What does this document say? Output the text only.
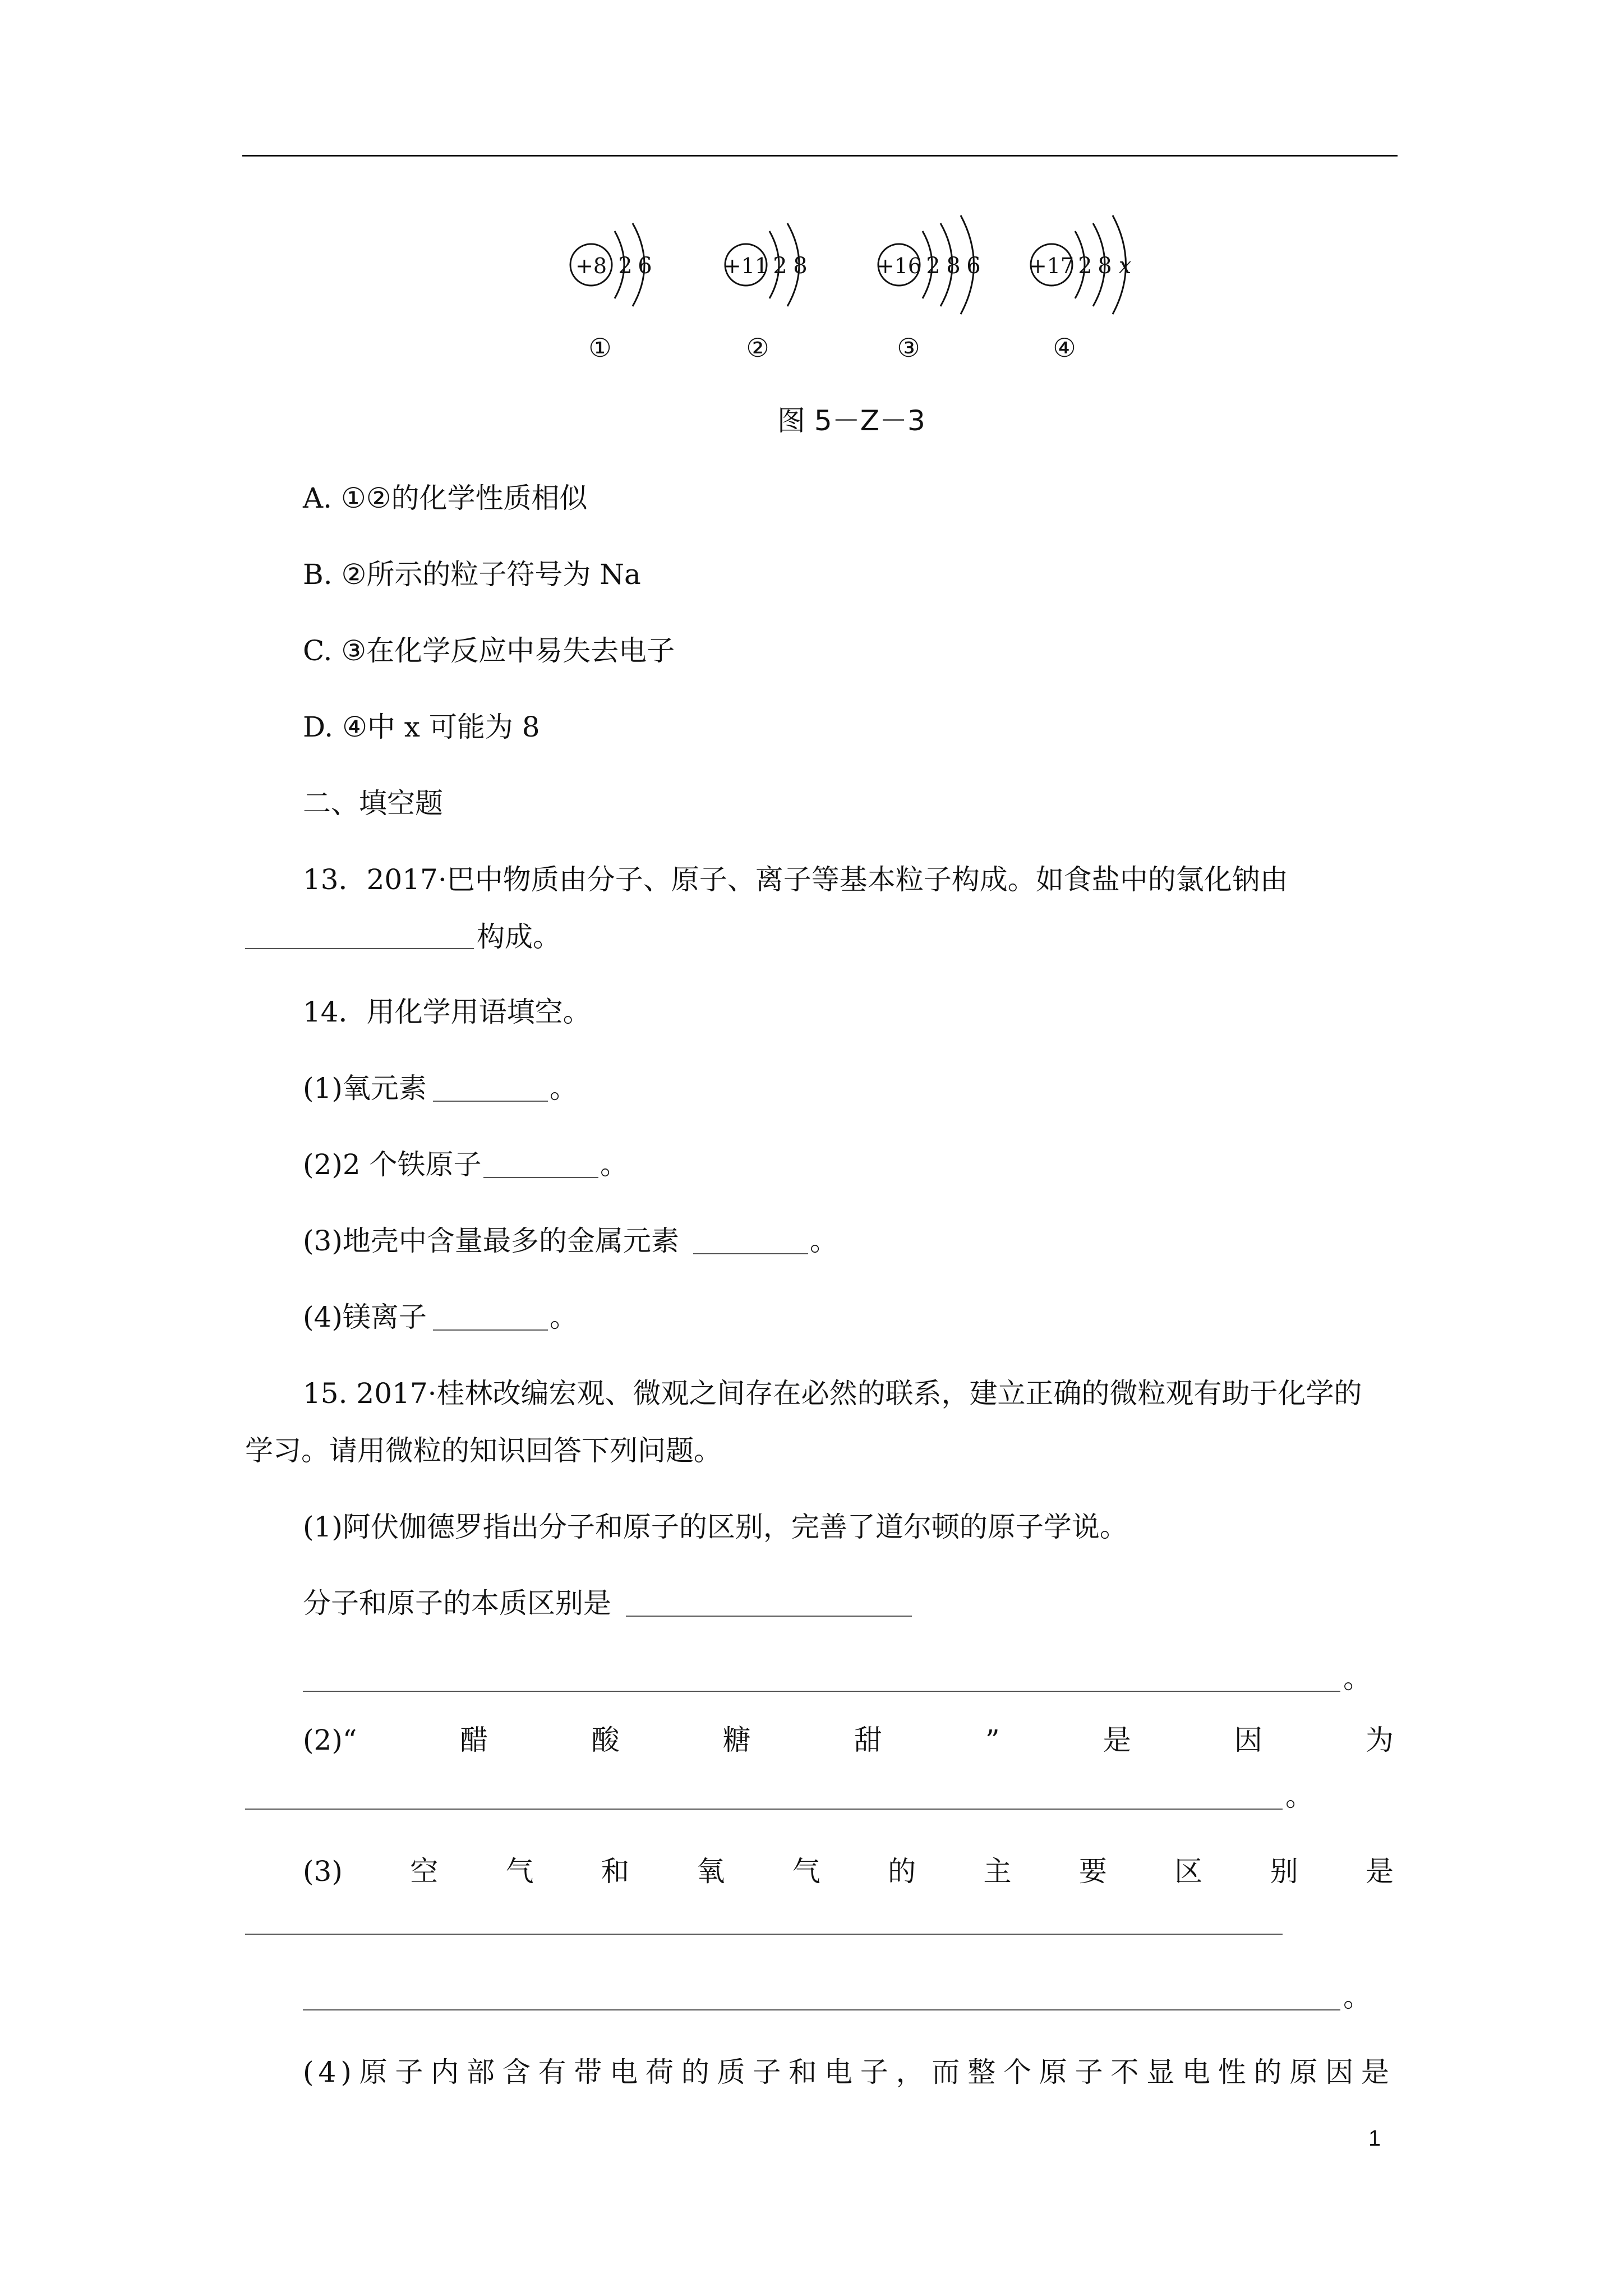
+8 2 6	+11 2 8	+16 2 8 6 +17 2 8 x
①	②	③	④
图 5－Z－3
A. ①②的化学性质相似
B. ②所示的粒子符号为 Na
C. ③在化学反应中易失去电子
D. ④中 x 可能为 8
二、填空题
13．2017·巴中物质由分子、原子、离子等基本粒子构成。如食盐中的氯化钠由
构成。
14．用化学用语填空。
(1)氧元素	。
(2)2 个铁原子	。
(3)地壳中含量最多的金属元素	。
(4)镁离子	。
15. 2017·桂林改编宏观、微观之间存在必然的联系，建立正确的微粒观有助于化学的
学习。请用微粒的知识回答下列问题。
(1)阿伏伽德罗指出分子和原子的区别，完善了道尔顿的原子学说。
分子和原子的本质区别是
。
(2)“	醋	酸	糖	甜	”	是	因	为
。
(3) 空 气 和 氧 气 的 主 要 区 别 是
。
(4)原子内部含有带电荷的质子和电子，而整个原子不显电性的原因是
1
